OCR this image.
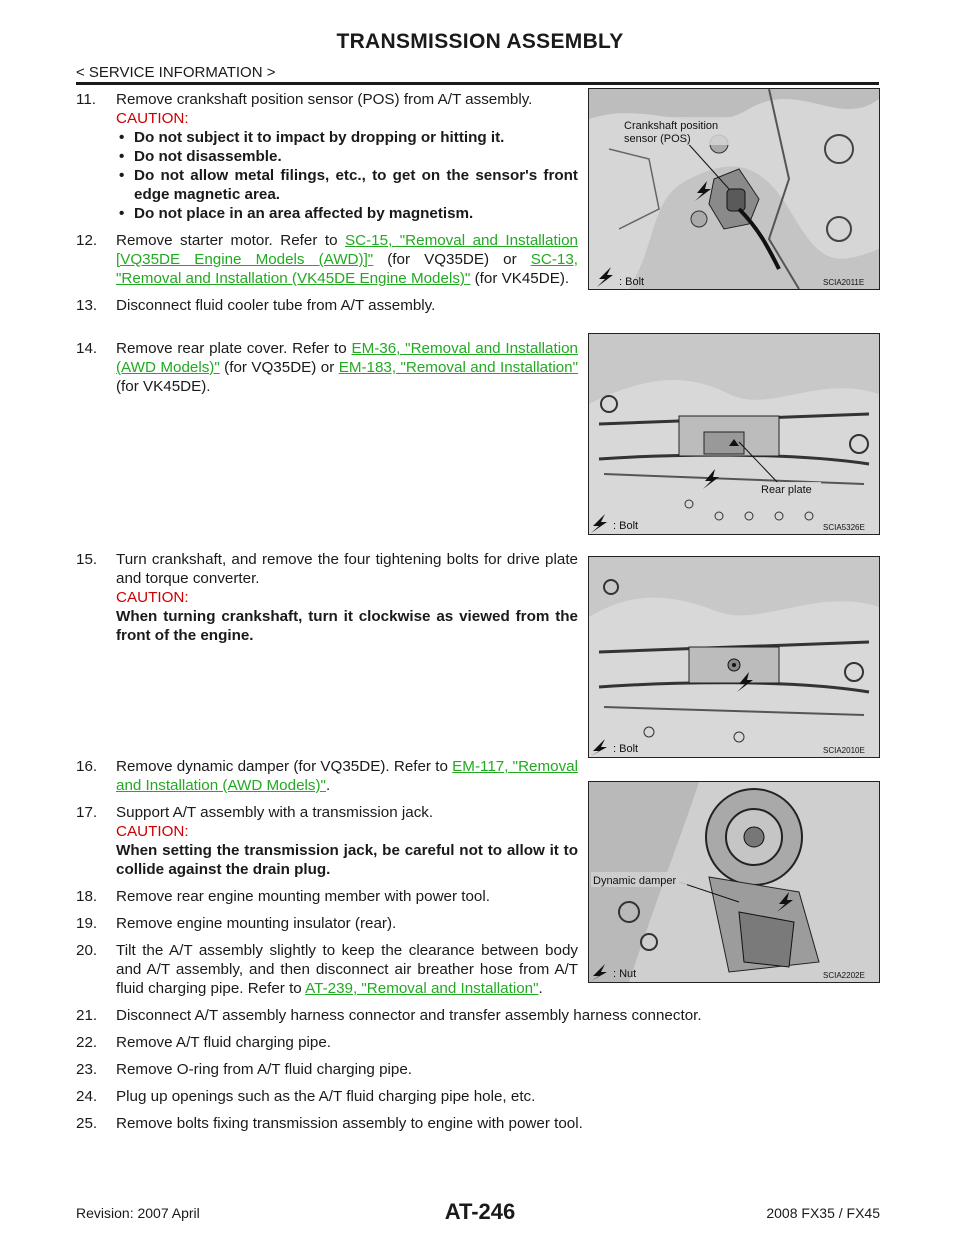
TRANSMISSION ASSEMBLY
< SERVICE INFORMATION >
11. Remove crankshaft position sensor (POS) from A/T assembly.
CAUTION:
• Do not subject it to impact by dropping or hitting it.
• Do not disassemble.
• Do not allow metal filings, etc., to get on the sensor's front edge magnetic area.
• Do not place in an area affected by magnetism.
12. Remove starter motor. Refer to SC-15, "Removal and Installation [VQ35DE Engine Models (AWD)]" (for VQ35DE) or SC-13, "Removal and Installation (VK45DE Engine Models)" (for VK45DE).
13. Disconnect fluid cooler tube from A/T assembly.
14. Remove rear plate cover. Refer to EM-36, "Removal and Installation (AWD Models)" (for VQ35DE) or EM-183, "Removal and Installation" (for VK45DE).
15. Turn crankshaft, and remove the four tightening bolts for drive plate and torque converter.
CAUTION:
When turning crankshaft, turn it clockwise as viewed from the front of the engine.
16. Remove dynamic damper (for VQ35DE). Refer to EM-117, "Removal and Installation (AWD Models)".
17. Support A/T assembly with a transmission jack.
CAUTION:
When setting the transmission jack, be careful not to allow it to collide against the drain plug.
18. Remove rear engine mounting member with power tool.
19. Remove engine mounting insulator (rear).
20. Tilt the A/T assembly slightly to keep the clearance between body and A/T assembly, and then disconnect air breather hose from A/T fluid charging pipe. Refer to AT-239, "Removal and Installation".
21. Disconnect A/T assembly harness connector and transfer assembly harness connector.
22. Remove A/T fluid charging pipe.
23. Remove O-ring from A/T fluid charging pipe.
24. Plug up openings such as the A/T fluid charging pipe hole, etc.
25. Remove bolts fixing transmission assembly to engine with power tool.
Crankshaft position
sensor (POS)
: Bolt	SCIA2011E
Rear plate
: Bolt	SCIA5326E
: Bolt	SCIA2010E
Dynamic damper
: Nut	SCIA2202E
Revision: 2007 April	AT-246	2008 FX35 / FX45
